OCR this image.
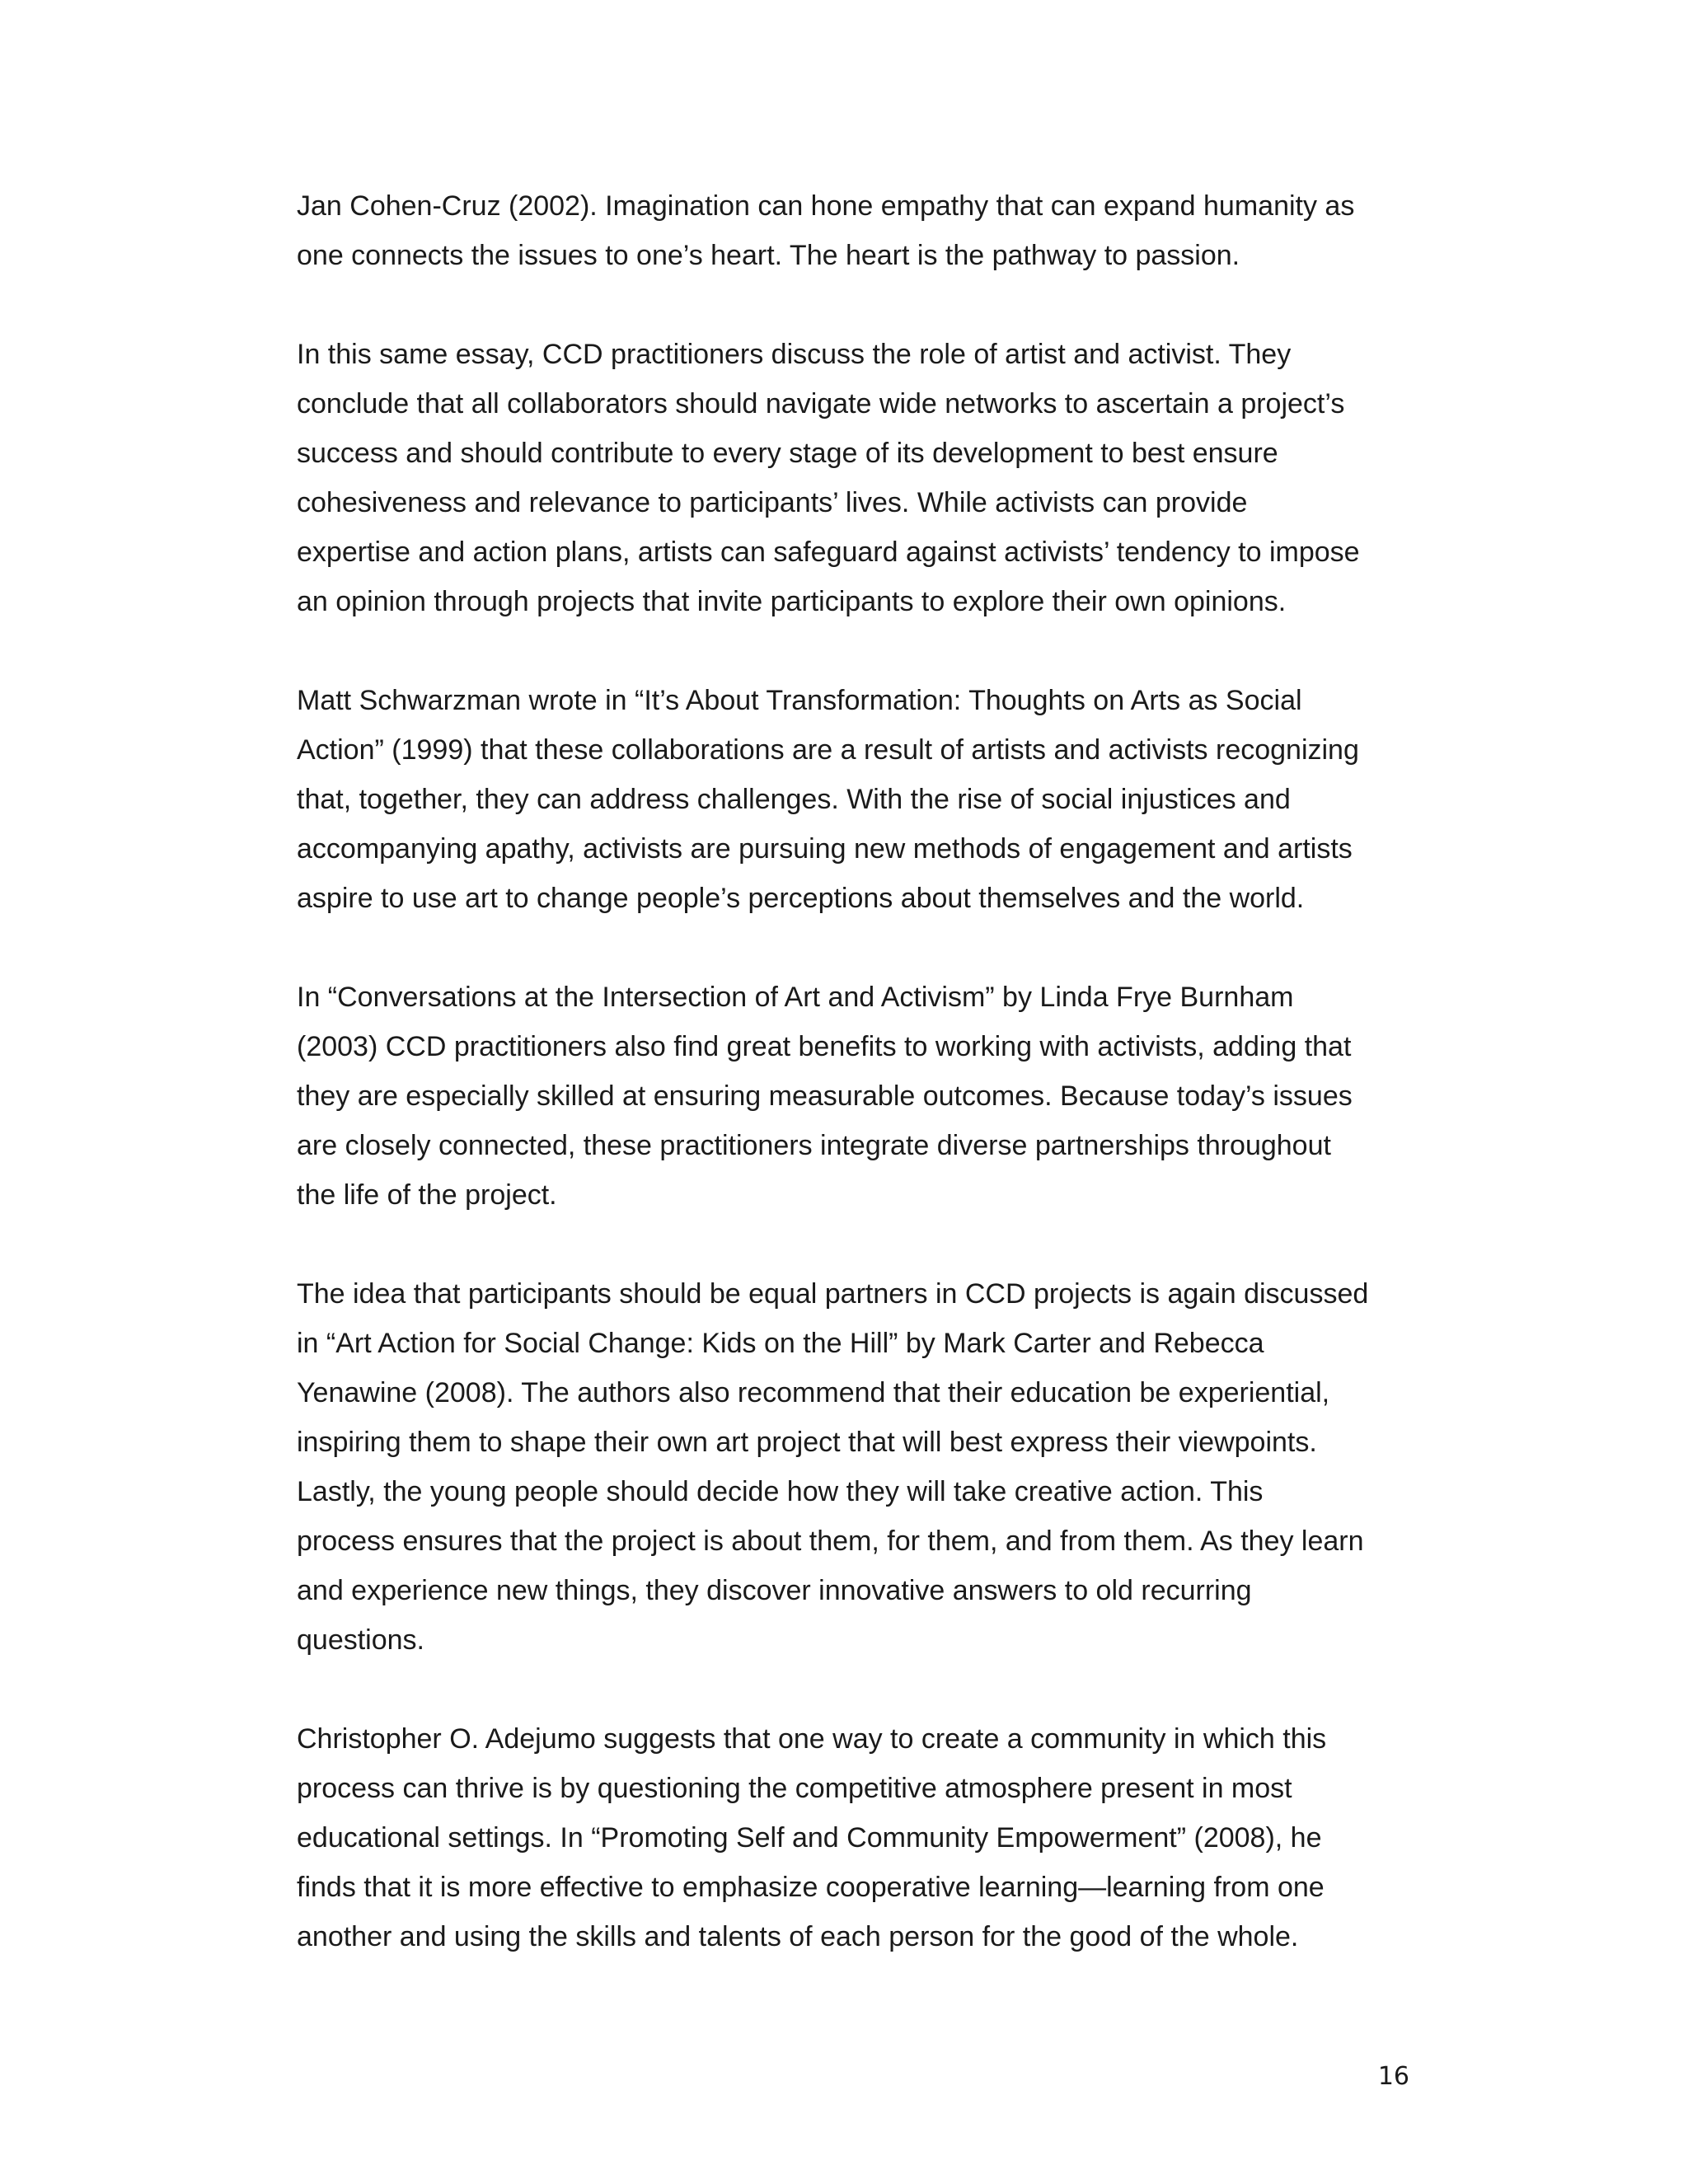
Jan Cohen-Cruz (2002). Imagination can hone empathy that can expand humanity as
one connects the issues to one’s heart. The heart is the pathway to passion.

In this same essay, CCD practitioners discuss the role of artist and activist. They
conclude that all collaborators should navigate wide networks to ascertain a project’s
success and should contribute to every stage of its development to best ensure
cohesiveness and relevance to participants’ lives. While activists can provide
expertise and action plans, artists can safeguard against activists’ tendency to impose
an opinion through projects that invite participants to explore their own opinions.

Matt Schwarzman wrote in “It’s About Transformation: Thoughts on Arts as Social
Action” (1999) that these collaborations are a result of artists and activists recognizing
that, together, they can address challenges. With the rise of social injustices and
accompanying apathy, activists are pursuing new methods of engagement and artists
aspire to use art to change people’s perceptions about themselves and the world.

In “Conversations at the Intersection of Art and Activism” by Linda Frye Burnham
(2003) CCD practitioners also find great benefits to working with activists, adding that
they are especially skilled at ensuring measurable outcomes. Because today’s issues
are closely connected, these practitioners integrate diverse partnerships throughout
the life of the project.

The idea that participants should be equal partners in CCD projects is again discussed
in “Art Action for Social Change: Kids on the Hill” by Mark Carter and Rebecca
Yenawine (2008). The authors also recommend that their education be experiential,
inspiring them to shape their own art project that will best express their viewpoints.
Lastly, the young people should decide how they will take creative action. This
process ensures that the project is about them, for them, and from them. As they learn
and experience new things, they discover innovative answers to old recurring
questions.

Christopher O. Adejumo suggests that one way to create a community in which this
process can thrive is by questioning the competitive atmosphere present in most
educational settings. In “Promoting Self and Community Empowerment” (2008), he
finds that it is more effective to emphasize cooperative learning—learning from one
another and using the skills and talents of each person for the good of the whole.

16
